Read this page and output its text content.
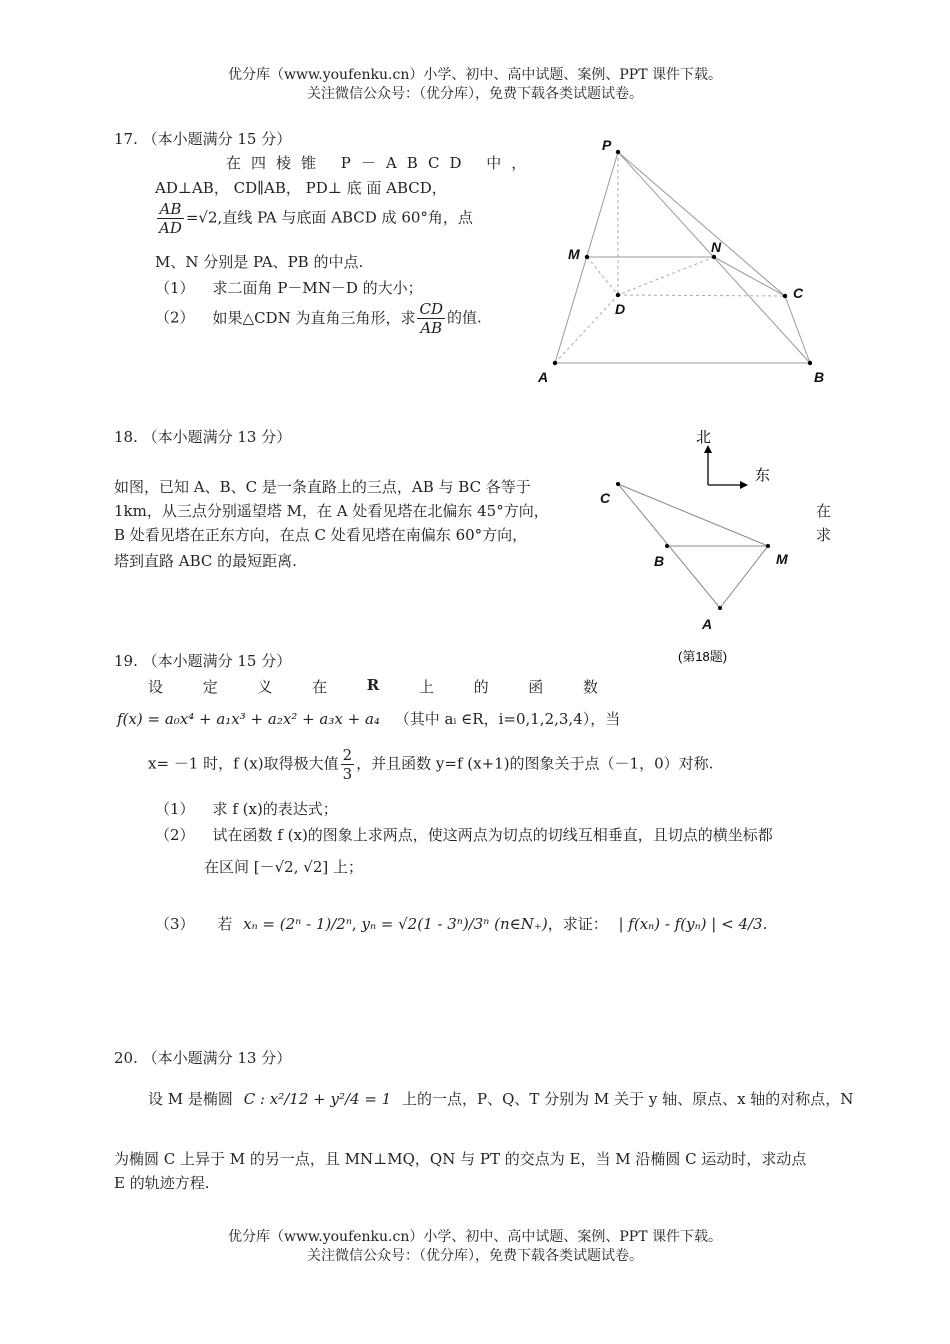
优分库（www.youfenku.cn）小学、初中、高中试题、案例、PPT 课件下载。
关注微信公众号：（优分库），免费下载各类试题试卷。
17. （本小题满分 15 分）
在四棱锥 P－ABCD 中，
AD⊥AB， CD∥AB， PD⊥ 底 面 ABCD，
$\frac{AB}{AD} =√2$,直线 PA 与底面 ABCD 成 60°角，点
M、N 分别是 PA、PB 的中点.
（1） 求二面角 P－MN－D 的大小；
（2） 如果△CDN 为直角三角形，求 $\frac{CD}{AB}$ 的值.
P
M	N
D
C
A	B
18. （本小题满分 13 分）
如图，已知 A、B、C 是一条直路上的三点，AB 与 BC 各等于
1km，从三点分别遥望塔 M，在 A 处看见塔在北偏东 45°方向，	在
B 处看见塔在正东方向，在点 C 处看见塔在南偏东 60°方向，	求
塔到直路 ABC 的最短距离.
北
东
C
B	M
A
(第18题)
19. （本小题满分 15 分）
设	定	义	在	R	上	的	函	数
f(x) = a₀x⁴ + a₁x³ + a₂x² + a₃x + a₄ （其中 aᵢ ∈R，i=0,1,2,3,4），当
x= －1 时，f (x)取得极大值 $\frac{2}{3}$ ，并且函数 y=f (x+1)的图象关于点（－1，0）对称.
（1） 求 f (x)的表达式；
（2） 试在函数 f (x)的图象上求两点，使这两点为切点的切线互相垂直，且切点的横坐标都
在区间 [－√2, √2] 上；
（3） 若 xₙ = (2ⁿ - 1)/2ⁿ, yₙ = √2(1 - 3ⁿ)/3ⁿ (n∈N₊)，求证： | f(xₙ) - f(yₙ) | < 4/3.
20. （本小题满分 13 分）
设 M 是椭圆 C : x²/12 + y²/4 = 1 上的一点，P、Q、T 分别为 M 关于 y 轴、原点、x 轴的对称点，N
为椭圆 C 上异于 M 的另一点，且 MN⊥MQ，QN 与 PT 的交点为 E，当 M 沿椭圆 C 运动时，求动点
E 的轨迹方程.
优分库（www.youfenku.cn）小学、初中、高中试题、案例、PPT 课件下载。
关注微信公众号：（优分库），免费下载各类试题试卷。
